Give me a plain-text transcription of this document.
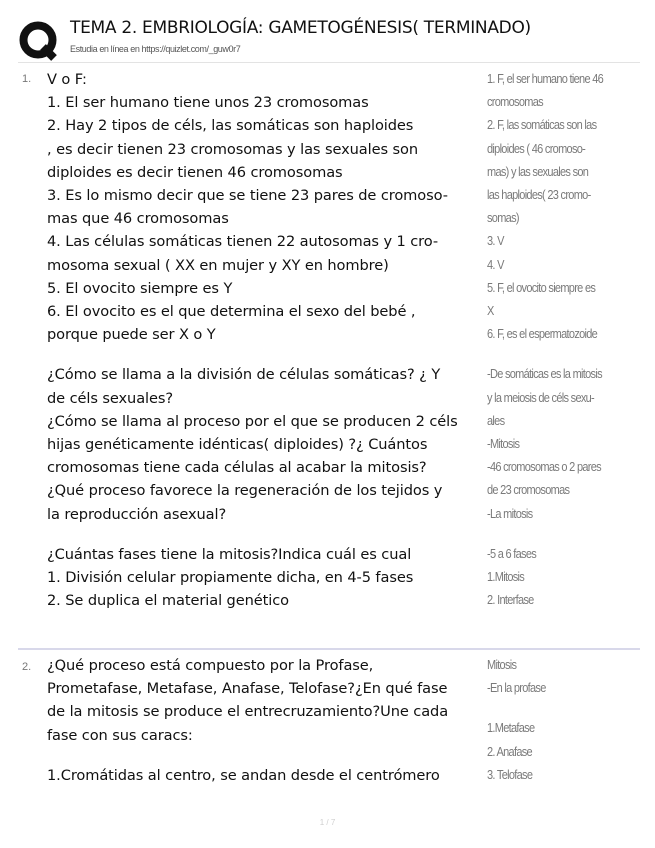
TEMA 2. EMBRIOLOGÍA: GAMETOGÉNESIS( TERMINADO)
Estudia en línea en https://quizlet.com/_guw0r7
1. V o F:
1. El ser humano tiene unos 23 cromosomas
2. Hay 2 tipos de céls, las somáticas son haploides
, es decir tienen 23 cromosomas y las sexuales son
diploides es decir tienen 46 cromosomas
3. Es lo mismo decir que se tiene 23 pares de cromoso-
mas que 46 cromosomas
4. Las células somáticas tienen 22 autosomas y 1 cro-
mosoma sexual ( XX en mujer y XY en hombre)
5. El ovocito siempre es Y
6. El ovocito es el que determina el sexo del bebé ,
porque puede ser X o Y
¿Cómo se llama a la división de células somáticas? ¿ Y
de céls sexuales?
¿Cómo se llama al proceso por el que se producen 2 céls
hijas genéticamente idénticas( diploides) ?¿ Cuántos
cromosomas tiene cada células al acabar la mitosis?
¿Qué proceso favorece la regeneración de los tejidos y
la reproducción asexual?
¿Cuántas fases tiene la mitosis?Indica cuál es cual
1. División celular propiamente dicha, en 4-5 fases
2. Se duplica el material genético
1. F, el ser humano tiene 46
cromosomas
2. F, las somáticas son las
diploides ( 46 cromoso-
mas) y las sexuales son
las haploides( 23 cromo-
somas)
3. V
4. V
5. F, el ovocito siempre es
X
6. F, es el espermatozoide
-De somáticas es la mitosis
y la meiosis de céls sexu-
ales
-Mitosis
-46 cromosomas o 2 pares
de 23 cromosomas
-La mitosis
-5 a 6 fases
1.Mitosis
2. Interfase
2. ¿Qué proceso está compuesto por la Profase,
Prometafase, Metafase, Anafase, Telofase?¿En qué fase
de la mitosis se produce el entrecruzamiento?Une cada
fase con sus caracs:
1.Cromátidas al centro, se andan desde el centrómero
Mitosis
-En la profase
1.Metafase
2. Anafase
3. Telofase
1 / 7
